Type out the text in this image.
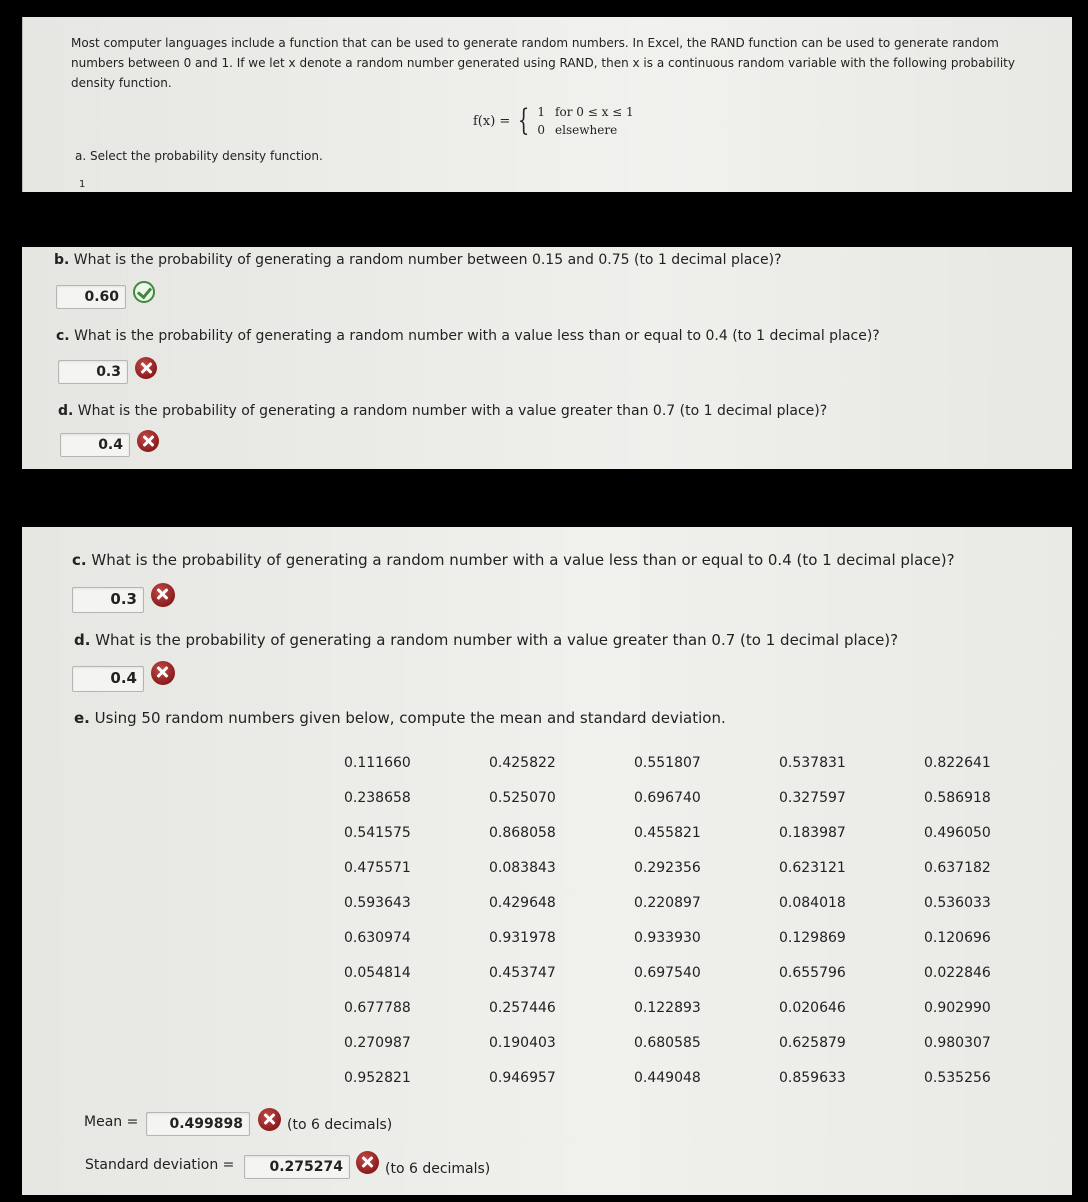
Most computer languages include a function that can be used to generate random numbers. In Excel, the RAND function can be used to generate random numbers between 0 and 1. If we let x denote a random number generated using RAND, then x is a continuous random variable with the following probability density function.
f(x) = { 1 for 0 ≤ x ≤ 1
0 elsewhere
a. Select the probability density function.
1
b. What is the probability of generating a random number between 0.15 and 0.75 (to 1 decimal place)?
0.60
c. What is the probability of generating a random number with a value less than or equal to 0.4 (to 1 decimal place)?
0.3
d. What is the probability of generating a random number with a value greater than 0.7 (to 1 decimal place)?
0.4
c. What is the probability of generating a random number with a value less than or equal to 0.4 (to 1 decimal place)?
0.3
d. What is the probability of generating a random number with a value greater than 0.7 (to 1 decimal place)?
0.4
e. Using 50 random numbers given below, compute the mean and standard deviation.
0.111660	0.425822	0.551807	0.537831	0.822641
0.238658	0.525070	0.696740	0.327597	0.586918
0.541575	0.868058	0.455821	0.183987	0.496050
0.475571	0.083843	0.292356	0.623121	0.637182
0.593643	0.429648	0.220897	0.084018	0.536033
0.630974	0.931978	0.933930	0.129869	0.120696
0.054814	0.453747	0.697540	0.655796	0.022846
0.677788	0.257446	0.122893	0.020646	0.902990
0.270987	0.190403	0.680585	0.625879	0.980307
0.952821	0.946957	0.449048	0.859633	0.535256
Mean =	0.499898	(to 6 decimals)
Standard deviation =	0.275274	(to 6 decimals)
